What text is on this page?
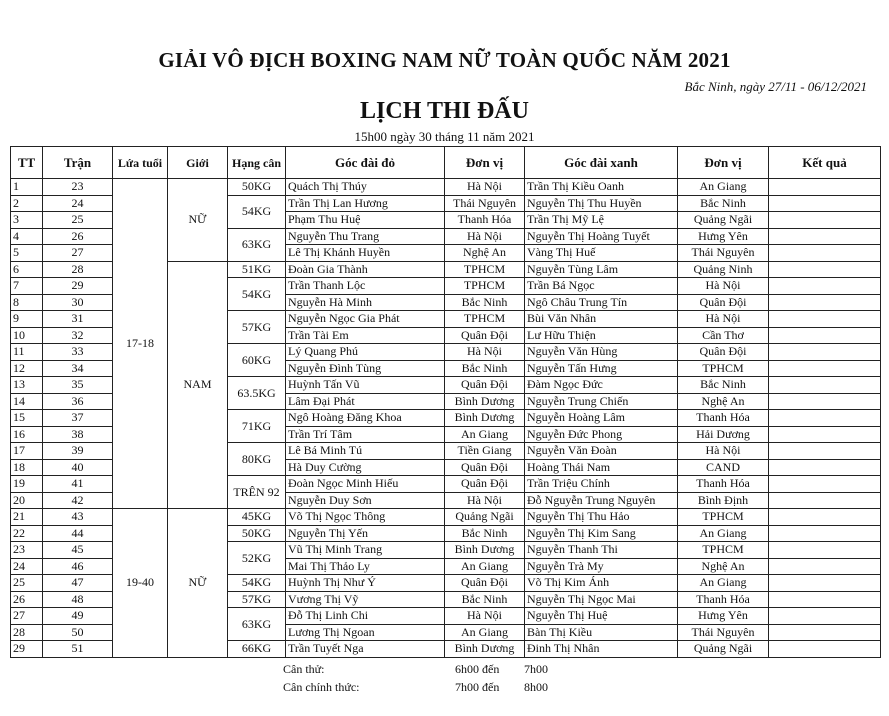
GIẢI VÔ ĐỊCH BOXING NAM NỮ TOÀN QUỐC NĂM 2021
Bắc Ninh, ngày 27/11 - 06/12/2021
LỊCH THI ĐẤU
15h00 ngày 30 tháng 11 năm 2021
TT	Trận	Lứa tuổi	Giới	Hạng cân	Góc đài đỏ	Đơn vị	Góc đài xanh	Đơn vị	Kết quả
1	23	17-18	NỮ	50KG	Quách Thị Thúy	Hà Nội	Trần Thị Kiều Oanh	An Giang	
2	24			54KG	Trần Thị Lan Hương	Thái Nguyên	Nguyễn Thị Thu Huyền	Bắc Ninh	
3	25				Phạm Thu Huệ	Thanh Hóa	Trần Thị Mỹ Lệ	Quảng Ngãi	
4	26			63KG	Nguyễn Thu Trang	Hà Nội	Nguyễn Thị Hoàng Tuyết	Hưng Yên	
5	27				Lê Thị Khánh Huyền	Nghệ An	Vàng Thị Huế	Thái Nguyên	
6	28		NAM	51KG	Đoàn Gia Thành	TPHCM	Nguyễn Tùng Lâm	Quảng Ninh	
7	29			54KG	Trần Thanh Lộc	TPHCM	Trần Bá Ngọc	Hà Nội	
8	30				Nguyễn Hà Minh	Bắc Ninh	Ngô Châu Trung Tín	Quân Đội	
9	31			57KG	Nguyễn Ngọc Gia Phát	TPHCM	Bùi Văn Nhân	Hà Nội	
10	32				Trần Tài Em	Quân Đội	Lư Hữu Thiện	Cần Thơ	
11	33			60KG	Lý Quang Phú	Hà Nội	Nguyễn Văn Hùng	Quân Đội	
12	34				Nguyễn Đình Tùng	Bắc Ninh	Nguyễn Tấn Hưng	TPHCM	
13	35			63.5KG	Huỳnh Tấn Vũ	Quân Đội	Đàm Ngọc Đức	Bắc Ninh	
14	36				Lâm Đại Phát	Bình Dương	Nguyễn Trung Chiến	Nghệ An	
15	37			71KG	Ngô Hoàng Đăng Khoa	Bình Dương	Nguyễn Hoàng Lâm	Thanh Hóa	
16	38				Trần Trí Tâm	An Giang	Nguyễn Đức Phong	Hải Dương	
17	39			80KG	Lê Bá Minh Tú	Tiền Giang	Nguyễn Văn Đoàn	Hà Nội	
18	40				Hà Duy Cường	Quân Đội	Hoàng Thái Nam	CAND	
19	41			TRÊN 92	Đoàn Ngọc Minh Hiếu	Quân Đội	Trần Triệu Chính	Thanh Hóa	
20	42				Nguyễn Duy Sơn	Hà Nội	Đỗ Nguyễn Trung Nguyên	Bình Định	
21	43	19-40	NỮ	45KG	Võ Thị Ngọc Thông	Quảng Ngãi	Nguyễn Thị Thu Hảo	TPHCM	
22	44			50KG	Nguyễn Thị Yến	Bắc Ninh	Nguyễn Thị Kim Sang	An Giang	
23	45			52KG	Vũ Thị Minh Trang	Bình Dương	Nguyễn Thanh Thi	TPHCM	
24	46				Mai Thị Thảo Ly	An Giang	Nguyễn Trà My	Nghệ An	
25	47			54KG	Huỳnh Thị Như Ý	Quân Đội	Võ Thị Kim Ánh	An Giang	
26	48			57KG	Vương Thị Vỹ	Bắc Ninh	Nguyễn Thị Ngọc Mai	Thanh Hóa	
27	49			63KG	Đỗ Thị Linh Chi	Hà Nội	Nguyễn Thị Huệ	Hưng Yên	
28	50				Lương Thị Ngoan	An Giang	Bàn Thị Kiều	Thái Nguyên	
29	51			66KG	Trần Tuyết Nga	Bình Dương	Đinh Thị Nhân	Quảng Ngãi	
Cân thử:	6h00 đến 7h00
Cân chính thức:	7h00 đến 8h00
